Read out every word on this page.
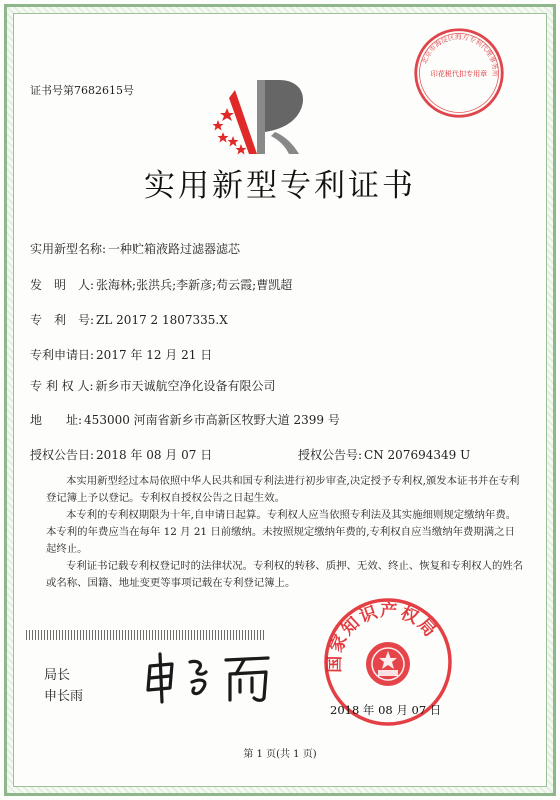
证书号第7682615号
北京市海淀区海方专利代理事务所
印花税代扣专用章
实用新型专利证书
实用新型名称: 一种贮箱液路过滤器滤芯
发　明　人: 张海林;张洪兵;李新彦;苟云霞;曹凯超
专　利　号: ZL 2017 2 1807335.X
专利申请日: 2017 年 12 月 21 日
专 利 权 人: 新乡市天诚航空净化设备有限公司
地　　址: 453000 河南省新乡市高新区牧野大道 2399 号
授权公告日: 2018 年 08 月 07 日	授权公告号: CN 207694349 U

本实用新型经过本局依照中华人民共和国专利法进行初步审查,决定授予专利权,颁发本证书并在专利登记簿上予以登记。专利权自授权公告之日起生效。

本专利的专利权期限为十年,自申请日起算。专利权人应当依照专利法及其实施细则规定缴纳年费。本专利的年费应当在每年 12 月 21 日前缴纳。未按照规定缴纳年费的,专利权自应当缴纳年费期满之日起终止。

专利证书记载专利权登记时的法律状况。专利权的转移、质押、无效、终止、恢复和专利权人的姓名或名称、国籍、地址变更等事项记载在专利登记簿上。

局长
申长雨
国家知识产权局
2018 年 08 月 07 日
第 1 页(共 1 页)
